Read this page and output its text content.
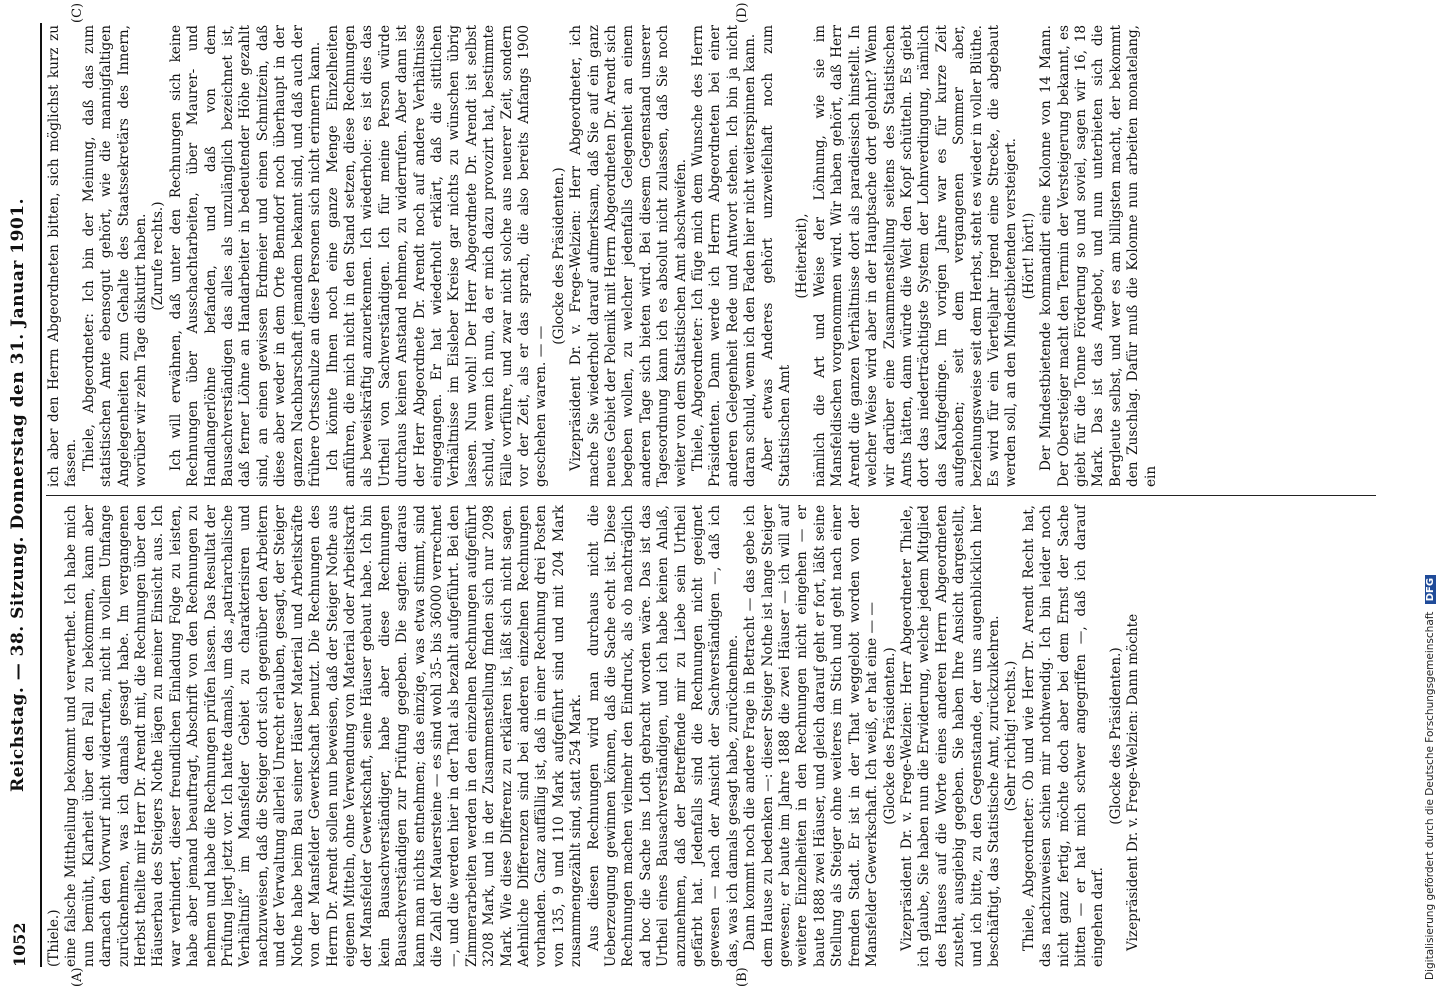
1052
Reichstag. — 38. Sitzung. Donnerstag den 31. Januar 1901.
(A)	(B)
(C)	(D)

(Thiele.) eine falsche Mittheilung bekommt und verwerthet. Ich habe mich nun bemüht, Klarheit über den Fall zu bekommen, kann aber darnach den Vorwurf nicht widerrufen, nicht in vollem Umfange zurücknehmen, was ich damals gesagt habe. Im vergangenen Herbst theilte mir Herr Dr. Arendt mit, die Rechnungen über den Häuserbau des Steigers Nothe lägen zu meiner Einsicht aus. Ich war verhindert, dieser freundlichen Einladung Folge zu leisten, habe aber jemand beauftragt, Abschrift von den Rechnungen zu nehmen und habe die Rechnungen prüfen lassen. Das Resultat der Prüfung liegt jetzt vor. Ich hatte damals, um das „patriarchalische Verhältniß“ im Mansfelder Gebiet zu charakterisiren und nachzuweisen, daß die Steiger dort sich gegenüber den Arbeitern und der Verwaltung allerlei Unrecht erlauben, gesagt, der Steiger Nothe habe beim Bau seiner Häuser Material und Arbeitskräfte von der Mansfelder Gewerkschaft benutzt. Die Rechnungen des Herrn Dr. Arendt sollen nun beweisen, daß der Steiger Nothe aus eigenen Mitteln, ohne Verwendung von Material oder Arbeitskraft der Mansfelder Gewerkschaft, seine Häuser gebaut habe. Ich bin kein Bausachverständiger, habe aber diese Rechnungen Bausachverständigen zur Prüfung gegeben. Die sagten: daraus kann man nichts entnehmen; das einzige, was etwa stimmt, sind die Zahl der Mauersteine — es sind wohl 35- bis 36000 verrechnet —, und die werden hier in der That als bezahlt aufgeführt. Bei den Zimmerarbeiten werden in den einzelnen Rechnungen aufgeführt 3208 Mark, und in der Zusammenstellung finden sich nur 2098 Mark. Wie diese Differenz zu erklären ist, läßt sich nicht sagen. Aehnliche Differenzen sind bei anderen einzelnen Rechnungen vorhanden. Ganz auffällig ist, daß in einer Rechnung drei Posten von 135, 9 und 110 Mark aufgeführt sind und mit 204 Mark zusammengezählt sind, statt 254 Mark. Aus diesen Rechnungen wird man durchaus nicht die Ueberzeugung gewinnen können, daß die Sache echt ist. Diese Rechnungen machen vielmehr den Eindruck, als ob nachträglich ad hoc die Sache ins Loth gebracht worden wäre. Das ist das Urtheil eines Bausachverständigen, und ich habe keinen Anlaß, anzunehmen, daß der Betreffende mir zu Liebe sein Urtheil gefärbt hat. Jedenfalls sind die Rechnungen nicht geeignet gewesen — nach der Ansicht der Sachverständigen —, daß ich das, was ich damals gesagt habe, zurücknehme. Dann kommt noch die andere Frage in Betracht — das gebe ich dem Hause zu bedenken —: dieser Steiger Nothe ist lange Steiger gewesen; er baute im Jahre 1888 die zwei Häuser — ich will auf weitere Einzelheiten in den Rechnungen nicht eingehen — er baute 1888 zwei Häuser, und gleich darauf geht er fort, läßt seine Stellung als Steiger ohne weiteres im Stich und geht nach einer fremden Stadt. Er ist in der That weggelobt worden von der Mansfelder Gewerkschaft. Ich weiß, er hat eine — — (Glocke des Präsidenten.) Vizepräsident Dr. v. Frege-Welzien: Herr Abgeordneter Thiele, ich glaube, Sie haben nun die Erwiderung, welche jedem Mitglied des Hauses auf die Worte eines anderen Herrn Abgeordneten zusteht, ausgiebig gegeben. Sie haben Ihre Ansicht dargestellt, und ich bitte, zu den Gegenstande, der uns augenblicklich hier beschäftigt, das Statistische Amt, zurückzukehren. (Sehr richtig! rechts.) Thiele, Abgeordneter: Ob und wie Herr Dr. Arendt Recht hat, das nachzuweisen schien mir nothwendig. Ich bin leider noch nicht ganz fertig, möchte doch aber bei dem Ernst der Sache bitten — er hat mich schwer angegriffen —, daß ich darauf eingehen darf.

(Glocke des Präsidenten.) Vizepräsident Dr. v. Frege-Welzien: Dann möchte

ich aber den Herrn Abgeordneten bitten, sich möglichst kurz zu fassen. Thiele, Abgeordneter: Ich bin der Meinung, daß das zum statistischen Amte ebensogut gehört, wie die mannigfaltigen Angelegenheiten zum Gehalte des Staatssekretärs des Innern, worüber wir zehn Tage diskutirt haben. (Zurufe rechts.) Ich will erwähnen, daß unter den Rechnungen sich keine Rechnungen über Ausschachtarbeiten, über Maurer- und Handlangerlöhne befanden, und daß von dem Bausachverständigen das alles als unzulänglich bezeichnet ist, daß ferner Löhne an Handarbeiter in bedeutender Höhe gezahlt sind, an einen gewissen Erdmeier und einen Schmitzein, daß diese aber weder in dem Orte Benndorf noch überhaupt in der ganzen Nachbarschaft jemandem bekannt sind, und daß auch der frühere Ortsschulze an diese Personen sich nicht erinnern kann. Ich könnte Ihnen noch eine ganze Menge Einzelheiten anführen, die mich nicht in den Stand setzen, diese Rechnungen als beweiskräftig anzuerkennen. Ich wiederhole: es ist dies das Urtheil von Sachverständigen. Ich für meine Person würde durchaus keinen Anstand nehmen, zu widerrufen. Aber dann ist der Herr Abgeordnete Dr. Arendt noch auf andere Verhältnisse eingegangen. Er hat wiederholt erklärt, daß die sittlichen Verhältnisse im Eisleber Kreise gar nichts zu wünschen übrig lassen. Nun wohl! Der Herr Abgeordnete Dr. Arendt ist selbst schuld, wenn ich nun, da er mich dazu provozirt hat, bestimmte Fälle vorführe, und zwar nicht solche aus neuerer Zeit, sondern vor der Zeit, als er das sprach, die also bereits Anfangs 1900 geschehen waren. — —

(Glocke des Präsidenten.) Vizepräsident Dr. v. Frege-Welzien: Herr Abgeordneter, ich mache Sie wiederholt darauf aufmerksam, daß Sie auf ein ganz neues Gebiet der Polemik mit Herrn Abgeordneten Dr. Arendt sich begeben wollen, zu welcher jedenfalls Gelegenheit an einem anderen Tage sich bieten wird. Bei diesem Gegenstand unserer Tagesordnung kann ich es absolut nicht zulassen, daß Sie noch weiter von dem Statistischen Amt abschweifen. Thiele, Abgeordneter: Ich füge mich dem Wunsche des Herrn Präsidenten. Dann werde ich Herrn Abgeordneten bei einer anderen Gelegenheit Rede und Antwort stehen. Ich bin ja nicht daran schuld, wenn ich den Faden hier nicht weiterspinnen kann. Aber etwas Anderes gehört unzweifelhaft noch zum Statistischen Amt

(Heiterkeit), nämlich die Art und Weise der Löhnung, wie sie im Mansfeldischen vorgenommen wird. Wir haben gehört, daß Herr Arendt die ganzen Verhältnisse dort als paradiesisch hinstellt. In welcher Weise wird aber in der Hauptsache dort gelohnt? Wenn wir darüber eine Zusammenstellung seitens des Statistischen Amts hätten, dann würde die Welt den Kopf schütteln. Es giebt dort das niederträchtigste System der Lohnverdingung, nämlich das Kaufgedinge. Im vorigen Jahre war es für kurze Zeit aufgehoben; seit dem vergangenen Sommer aber, beziehungsweise seit dem Herbst, steht es wieder in voller Blüthe. Es wird für ein Vierteljahr irgend eine Strecke, die abgebaut werden soll, an den Mindestbietenden versteigert. (Hört! hört!) Der Mindestbietende kommandirt eine Kolonne von 14 Mann. Der Obersteiger macht den Termin der Versteigerung bekannt, es giebt für die Tonne Förderung so und soviel, sagen wir 16, 18 Mark. Das ist das Angebot, und nun unterbieten sich die Bergleute selbst, und wer es am billigsten macht, der bekommt den Zuschlag. Dafür muß die Kolonne nun arbeiten monatelang, ein

Digitalisierung gefördert durch die Deutsche Forschungsgemeinschaft DFG
